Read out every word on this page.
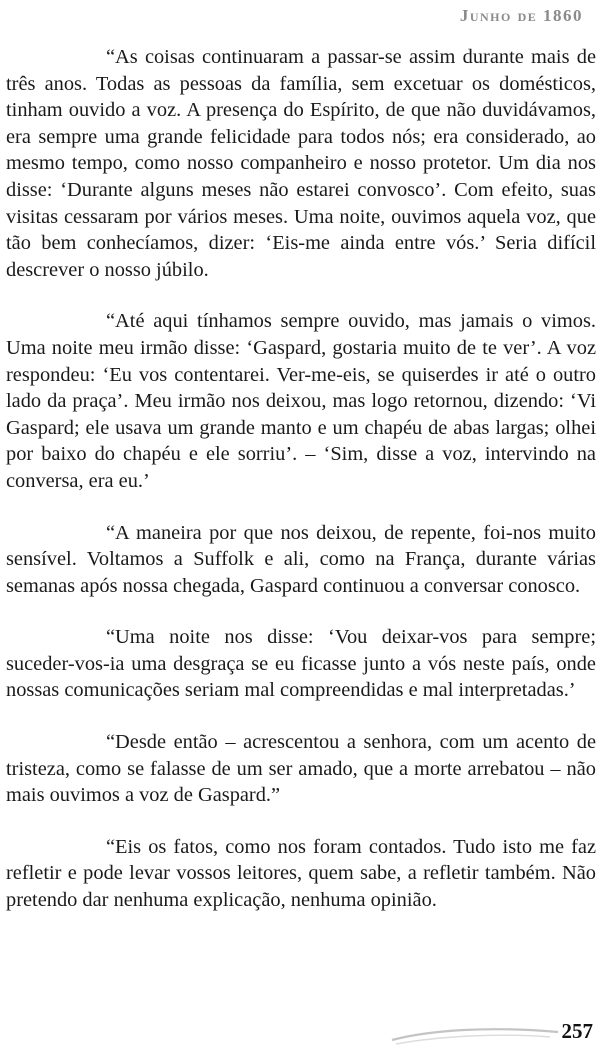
Junho de 1860

“As coisas continuaram a passar-se assim durante mais de três anos. Todas as pessoas da família, sem excetuar os domésticos, tinham ouvido a voz. A presença do Espírito, de que não duvidávamos, era sempre uma grande felicidade para todos nós; era considerado, ao mesmo tempo, como nosso companheiro e nosso protetor. Um dia nos disse: ‘Durante alguns meses não estarei convosco’. Com efeito, suas visitas cessaram por vários meses. Uma noite, ouvimos aquela voz, que tão bem conhecíamos, dizer: ‘Eis-me ainda entre vós.’ Seria difícil descrever o nosso júbilo.

“Até aqui tínhamos sempre ouvido, mas jamais o vimos. Uma noite meu irmão disse: ‘Gaspard, gostaria muito de te ver’. A voz respondeu: ‘Eu vos contentarei. Ver-me-eis, se quiserdes ir até o outro lado da praça’. Meu irmão nos deixou, mas logo retornou, dizendo: ‘Vi Gaspard; ele usava um grande manto e um chapéu de abas largas; olhei por baixo do chapéu e ele sorriu’. – ‘Sim, disse a voz, intervindo na conversa, era eu.’

“A maneira por que nos deixou, de repente, foi-nos muito sensível. Voltamos a Suffolk e ali, como na França, durante várias semanas após nossa chegada, Gaspard continuou a conversar conosco.

“Uma noite nos disse: ‘Vou deixar-vos para sempre; suceder-vos-ia uma desgraça se eu ficasse junto a vós neste país, onde nossas comunicações seriam mal compreendidas e mal interpretadas.’

“Desde então – acrescentou a senhora, com um acento de tristeza, como se falasse de um ser amado, que a morte arrebatou – não mais ouvimos a voz de Gaspard.”

“Eis os fatos, como nos foram contados. Tudo isto me faz refletir e pode levar vossos leitores, quem sabe, a refletir também. Não pretendo dar nenhuma explicação, nenhuma opinião.

257
